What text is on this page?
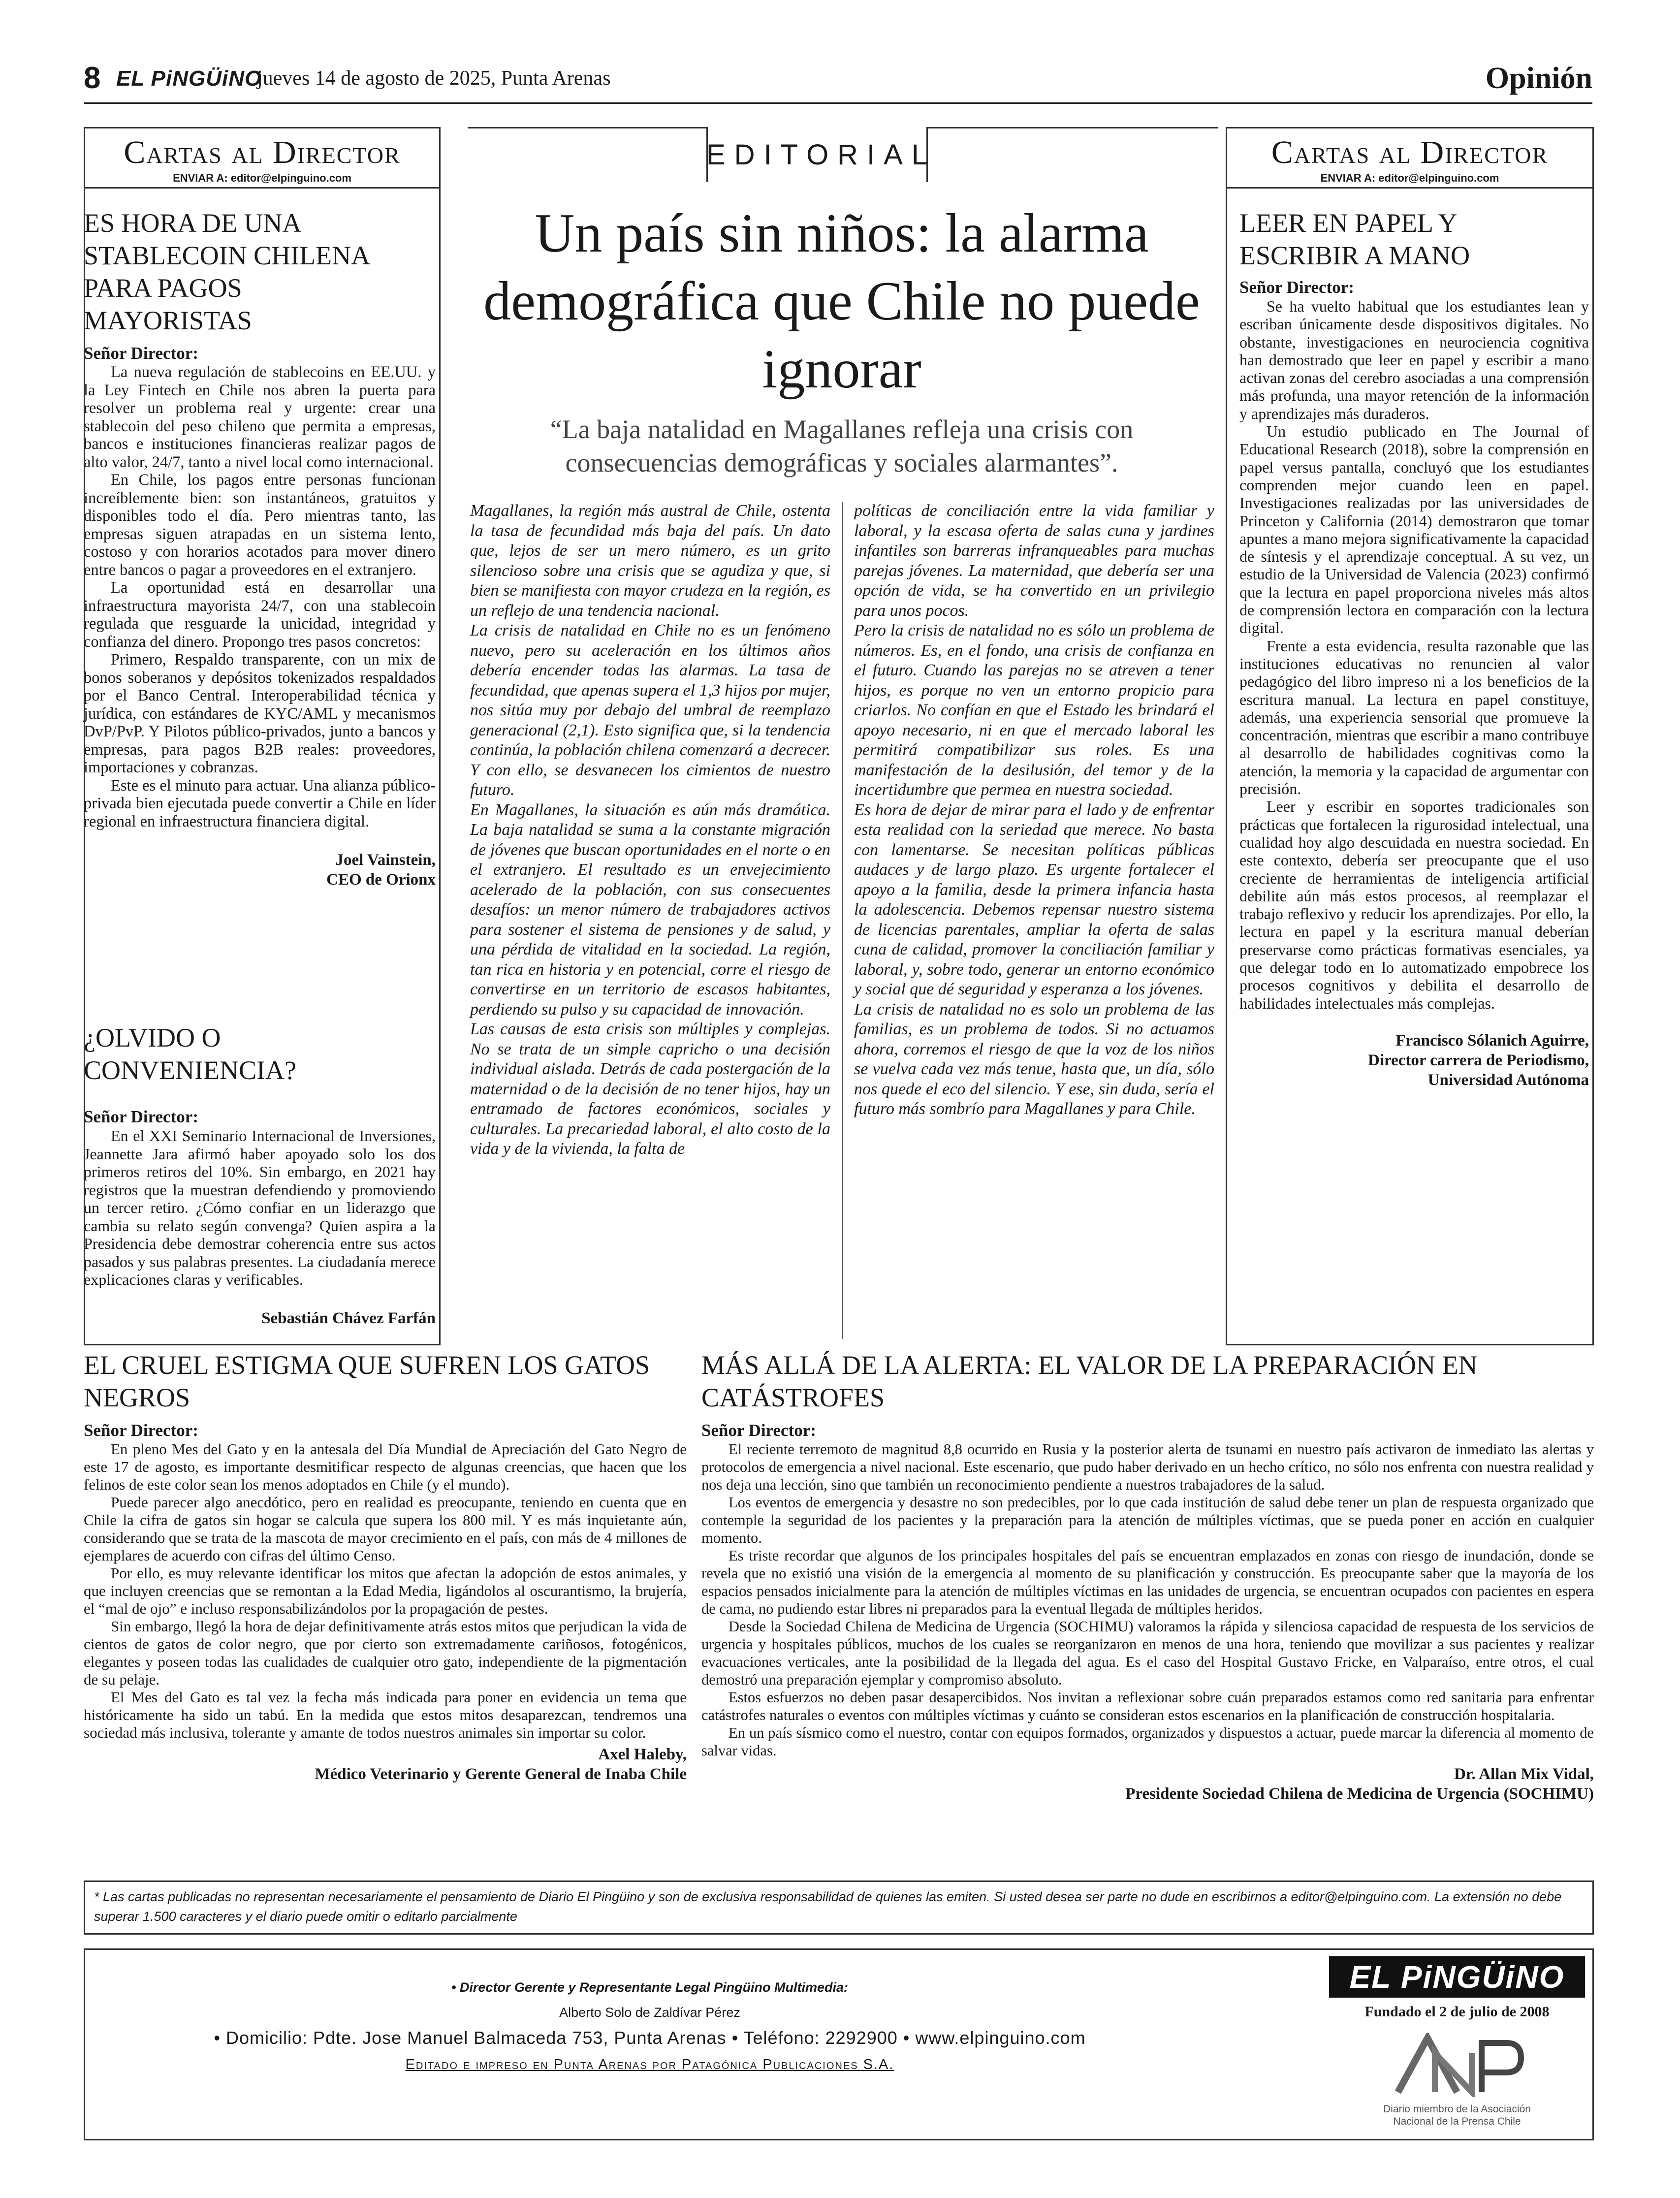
8 EL PiNGÜiNO
jueves 14 de agosto de 2025, Punta Arenas	Opinión
Cartas al Director
ENVIAR A: editor@elpinguino.com
ES HORA DE UNA STABLECOIN CHILENA PARA PAGOS MAYORISTAS
Señor Director:

La nueva regulación de stablecoins en EE.UU. y la Ley Fintech en Chile nos abren la puerta para resolver un problema real y urgente: crear una stablecoin del peso chileno que permita a empresas, bancos e instituciones financieras realizar pagos de alto valor, 24/7, tanto a nivel local como internacional.

En Chile, los pagos entre personas funcionan increíblemente bien: son instantáneos, gratuitos y disponibles todo el día. Pero mientras tanto, las empresas siguen atrapadas en un sistema lento, costoso y con horarios acotados para mover dinero entre bancos o pagar a proveedores en el extranjero.

La oportunidad está en desarrollar una infraestructura mayorista 24/7, con una stablecoin regulada que resguarde la unicidad, integridad y confianza del dinero. Propongo tres pasos concretos:

Primero, Respaldo transparente, con un mix de bonos soberanos y depósitos tokenizados respaldados por el Banco Central. Interoperabilidad técnica y jurídica, con estándares de KYC/AML y mecanismos DvP/PvP. Y Pilotos público-privados, junto a bancos y empresas, para pagos B2B reales: proveedores, importaciones y cobranzas.

Este es el minuto para actuar. Una alianza público-privada bien ejecutada puede convertir a Chile en líder regional en infraestructura financiera digital.

Joel Vainstein,
CEO de Orionx
¿OLVIDO O CONVENIENCIA?
Señor Director:

En el XXI Seminario Internacional de Inversiones, Jeannette Jara afirmó haber apoyado solo los dos primeros retiros del 10%. Sin embargo, en 2021 hay registros que la muestran defendiendo y promoviendo un tercer retiro. ¿Cómo confiar en un liderazgo que cambia su relato según convenga? Quien aspira a la Presidencia debe demostrar coherencia entre sus actos pasados y sus palabras presentes. La ciudadanía merece explicaciones claras y verificables.

Sebastián Chávez Farfán
EDITORIAL
Un país sin niños: la alarma demográfica que Chile no puede ignorar
“La baja natalidad en Magallanes refleja una crisis con consecuencias demográficas y sociales alarmantes”.

Magallanes, la región más austral de Chile, ostenta la tasa de fecundidad más baja del país. Un dato que, lejos de ser un mero número, es un grito silencioso sobre una crisis que se agudiza y que, si bien se manifiesta con mayor crudeza en la región, es un reflejo de una tendencia nacional.

La crisis de natalidad en Chile no es un fenómeno nuevo, pero su aceleración en los últimos años debería encender todas las alarmas. La tasa de fecundidad, que apenas supera el 1,3 hijos por mujer, nos sitúa muy por debajo del umbral de reemplazo generacional (2,1). Esto significa que, si la tendencia continúa, la población chilena comenzará a decrecer. Y con ello, se desvanecen los cimientos de nuestro futuro.

En Magallanes, la situación es aún más dramática. La baja natalidad se suma a la constante migración de jóvenes que buscan oportunidades en el norte o en el extranjero. El resultado es un envejecimiento acelerado de la población, con sus consecuentes desafíos: un menor número de trabajadores activos para sostener el sistema de pensiones y de salud, y una pérdida de vitalidad en la sociedad. La región, tan rica en historia y en potencial, corre el riesgo de convertirse en un territorio de escasos habitantes, perdiendo su pulso y su capacidad de innovación.

Las causas de esta crisis son múltiples y complejas. No se trata de un simple capricho o una decisión individual aislada. Detrás de cada postergación de la maternidad o de la decisión de no tener hijos, hay un entramado de factores económicos, sociales y culturales. La precariedad laboral, el alto costo de la vida y de la vivienda, la falta de

políticas de conciliación entre la vida familiar y laboral, y la escasa oferta de salas cuna y jardines infantiles son barreras infranqueables para muchas parejas jóvenes. La maternidad, que debería ser una opción de vida, se ha convertido en un privilegio para unos pocos.

Pero la crisis de natalidad no es sólo un problema de números. Es, en el fondo, una crisis de confianza en el futuro. Cuando las parejas no se atreven a tener hijos, es porque no ven un entorno propicio para criarlos. No confían en que el Estado les brindará el apoyo necesario, ni en que el mercado laboral les permitirá compatibilizar sus roles. Es una manifestación de la desilusión, del temor y de la incertidumbre que permea en nuestra sociedad.

Es hora de dejar de mirar para el lado y de enfrentar esta realidad con la seriedad que merece. No basta con lamentarse. Se necesitan políticas públicas audaces y de largo plazo. Es urgente fortalecer el apoyo a la familia, desde la primera infancia hasta la adolescencia. Debemos repensar nuestro sistema de licencias parentales, ampliar la oferta de salas cuna de calidad, promover la conciliación familiar y laboral, y, sobre todo, generar un entorno económico y social que dé seguridad y esperanza a los jóvenes.

La crisis de natalidad no es solo un problema de las familias, es un problema de todos. Si no actuamos ahora, corremos el riesgo de que la voz de los niños se vuelva cada vez más tenue, hasta que, un día, sólo nos quede el eco del silencio. Y ese, sin duda, sería el futuro más sombrío para Magallanes y para Chile.

Cartas al Director
ENVIAR A: editor@elpinguino.com
LEER EN PAPEL Y ESCRIBIR A MANO
Señor Director:

Se ha vuelto habitual que los estudiantes lean y escriban únicamente desde dispositivos digitales. No obstante, investigaciones en neurociencia cognitiva han demostrado que leer en papel y escribir a mano activan zonas del cerebro asociadas a una comprensión más profunda, una mayor retención de la información y aprendizajes más duraderos.

Un estudio publicado en The Journal of Educational Research (2018), sobre la comprensión en papel versus pantalla, concluyó que los estudiantes comprenden mejor cuando leen en papel. Investigaciones realizadas por las universidades de Princeton y California (2014) demostraron que tomar apuntes a mano mejora significativamente la capacidad de síntesis y el aprendizaje conceptual. A su vez, un estudio de la Universidad de Valencia (2023) confirmó que la lectura en papel proporciona niveles más altos de comprensión lectora en comparación con la lectura digital.

Frente a esta evidencia, resulta razonable que las instituciones educativas no renuncien al valor pedagógico del libro impreso ni a los beneficios de la escritura manual. La lectura en papel constituye, además, una experiencia sensorial que promueve la concentración, mientras que escribir a mano contribuye al desarrollo de habilidades cognitivas como la atención, la memoria y la capacidad de argumentar con precisión.

Leer y escribir en soportes tradicionales son prácticas que fortalecen la rigurosidad intelectual, una cualidad hoy algo descuidada en nuestra sociedad. En este contexto, debería ser preocupante que el uso creciente de herramientas de inteligencia artificial debilite aún más estos procesos, al reemplazar el trabajo reflexivo y reducir los aprendizajes. Por ello, la lectura en papel y la escritura manual deberían preservarse como prácticas formativas esenciales, ya que delegar todo en lo automatizado empobrece los procesos cognitivos y debilita el desarrollo de habilidades intelectuales más complejas.

Francisco Sólanich Aguirre,
Director carrera de Periodismo,
Universidad Autónoma
EL CRUEL ESTIGMA QUE SUFREN LOS GATOS NEGROS
Señor Director:

En pleno Mes del Gato y en la antesala del Día Mundial de Apreciación del Gato Negro de este 17 de agosto, es importante desmitificar respecto de algunas creencias, que hacen que los felinos de este color sean los menos adoptados en Chile (y el mundo).

Puede parecer algo anecdótico, pero en realidad es preocupante, teniendo en cuenta que en Chile la cifra de gatos sin hogar se calcula que supera los 800 mil. Y es más inquietante aún, considerando que se trata de la mascota de mayor crecimiento en el país, con más de 4 millones de ejemplares de acuerdo con cifras del último Censo.

Por ello, es muy relevante identificar los mitos que afectan la adopción de estos animales, y que incluyen creencias que se remontan a la Edad Media, ligándolos al oscurantismo, la brujería, el “mal de ojo” e incluso responsabilizándolos por la propagación de pestes.

Sin embargo, llegó la hora de dejar definitivamente atrás estos mitos que perjudican la vida de cientos de gatos de color negro, que por cierto son extremadamente cariñosos, fotogénicos, elegantes y poseen todas las cualidades de cualquier otro gato, independiente de la pigmentación de su pelaje.

El Mes del Gato es tal vez la fecha más indicada para poner en evidencia un tema que históricamente ha sido un tabú. En la medida que estos mitos desaparezcan, tendremos una sociedad más inclusiva, tolerante y amante de todos nuestros animales sin importar su color.

Axel Haleby,
Médico Veterinario y Gerente General de Inaba Chile
MÁS ALLÁ DE LA ALERTA: EL VALOR DE LA PREPARACIÓN EN CATÁSTROFES
Señor Director:

El reciente terremoto de magnitud 8,8 ocurrido en Rusia y la posterior alerta de tsunami en nuestro país activaron de inmediato las alertas y protocolos de emergencia a nivel nacional. Este escenario, que pudo haber derivado en un hecho crítico, no sólo nos enfrenta con nuestra realidad y nos deja una lección, sino que también un reconocimiento pendiente a nuestros trabajadores de la salud.

Los eventos de emergencia y desastre no son predecibles, por lo que cada institución de salud debe tener un plan de respuesta organizado que contemple la seguridad de los pacientes y la preparación para la atención de múltiples víctimas, que se pueda poner en acción en cualquier momento.

Es triste recordar que algunos de los principales hospitales del país se encuentran emplazados en zonas con riesgo de inundación, donde se revela que no existió una visión de la emergencia al momento de su planificación y construcción. Es preocupante saber que la mayoría de los espacios pensados inicialmente para la atención de múltiples víctimas en las unidades de urgencia, se encuentran ocupados con pacientes en espera de cama, no pudiendo estar libres ni preparados para la eventual llegada de múltiples heridos.

Desde la Sociedad Chilena de Medicina de Urgencia (SOCHIMU) valoramos la rápida y silenciosa capacidad de respuesta de los servicios de urgencia y hospitales públicos, muchos de los cuales se reorganizaron en menos de una hora, teniendo que movilizar a sus pacientes y realizar evacuaciones verticales, ante la posibilidad de la llegada del agua. Es el caso del Hospital Gustavo Fricke, en Valparaíso, entre otros, el cual demostró una preparación ejemplar y compromiso absoluto.

Estos esfuerzos no deben pasar desapercibidos. Nos invitan a reflexionar sobre cuán preparados estamos como red sanitaria para enfrentar catástrofes naturales o eventos con múltiples víctimas y cuánto se consideran estos escenarios en la planificación de construcción hospitalaria.

En un país sísmico como el nuestro, contar con equipos formados, organizados y dispuestos a actuar, puede marcar la diferencia al momento de salvar vidas.

Dr. Allan Mix Vidal,
Presidente Sociedad Chilena de Medicina de Urgencia (SOCHIMU)
* Las cartas publicadas no representan necesariamente el pensamiento de Diario El Pingüino y son de exclusiva responsabilidad de quienes las emiten. Si usted desea ser parte no dude en escribirnos a editor@elpinguino.com. La extensión no debe superar 1.500 caracteres y el diario puede omitir o editarlo parcialmente
• Director Gerente y Representante Legal Pingüino Multimedia:
Alberto Solo de Zaldívar Pérez
• Domicilio: Pdte. Jose Manuel Balmaceda 753, Punta Arenas • Teléfono: 2292900 • www.elpinguino.com
Editado e impreso en Punta Arenas por Patagónica Publicaciones S.A.
EL PiNGÜiNO
Fundado el 2 de julio de 2008
Diario miembro de la Asociación
Nacional de la Prensa Chile
